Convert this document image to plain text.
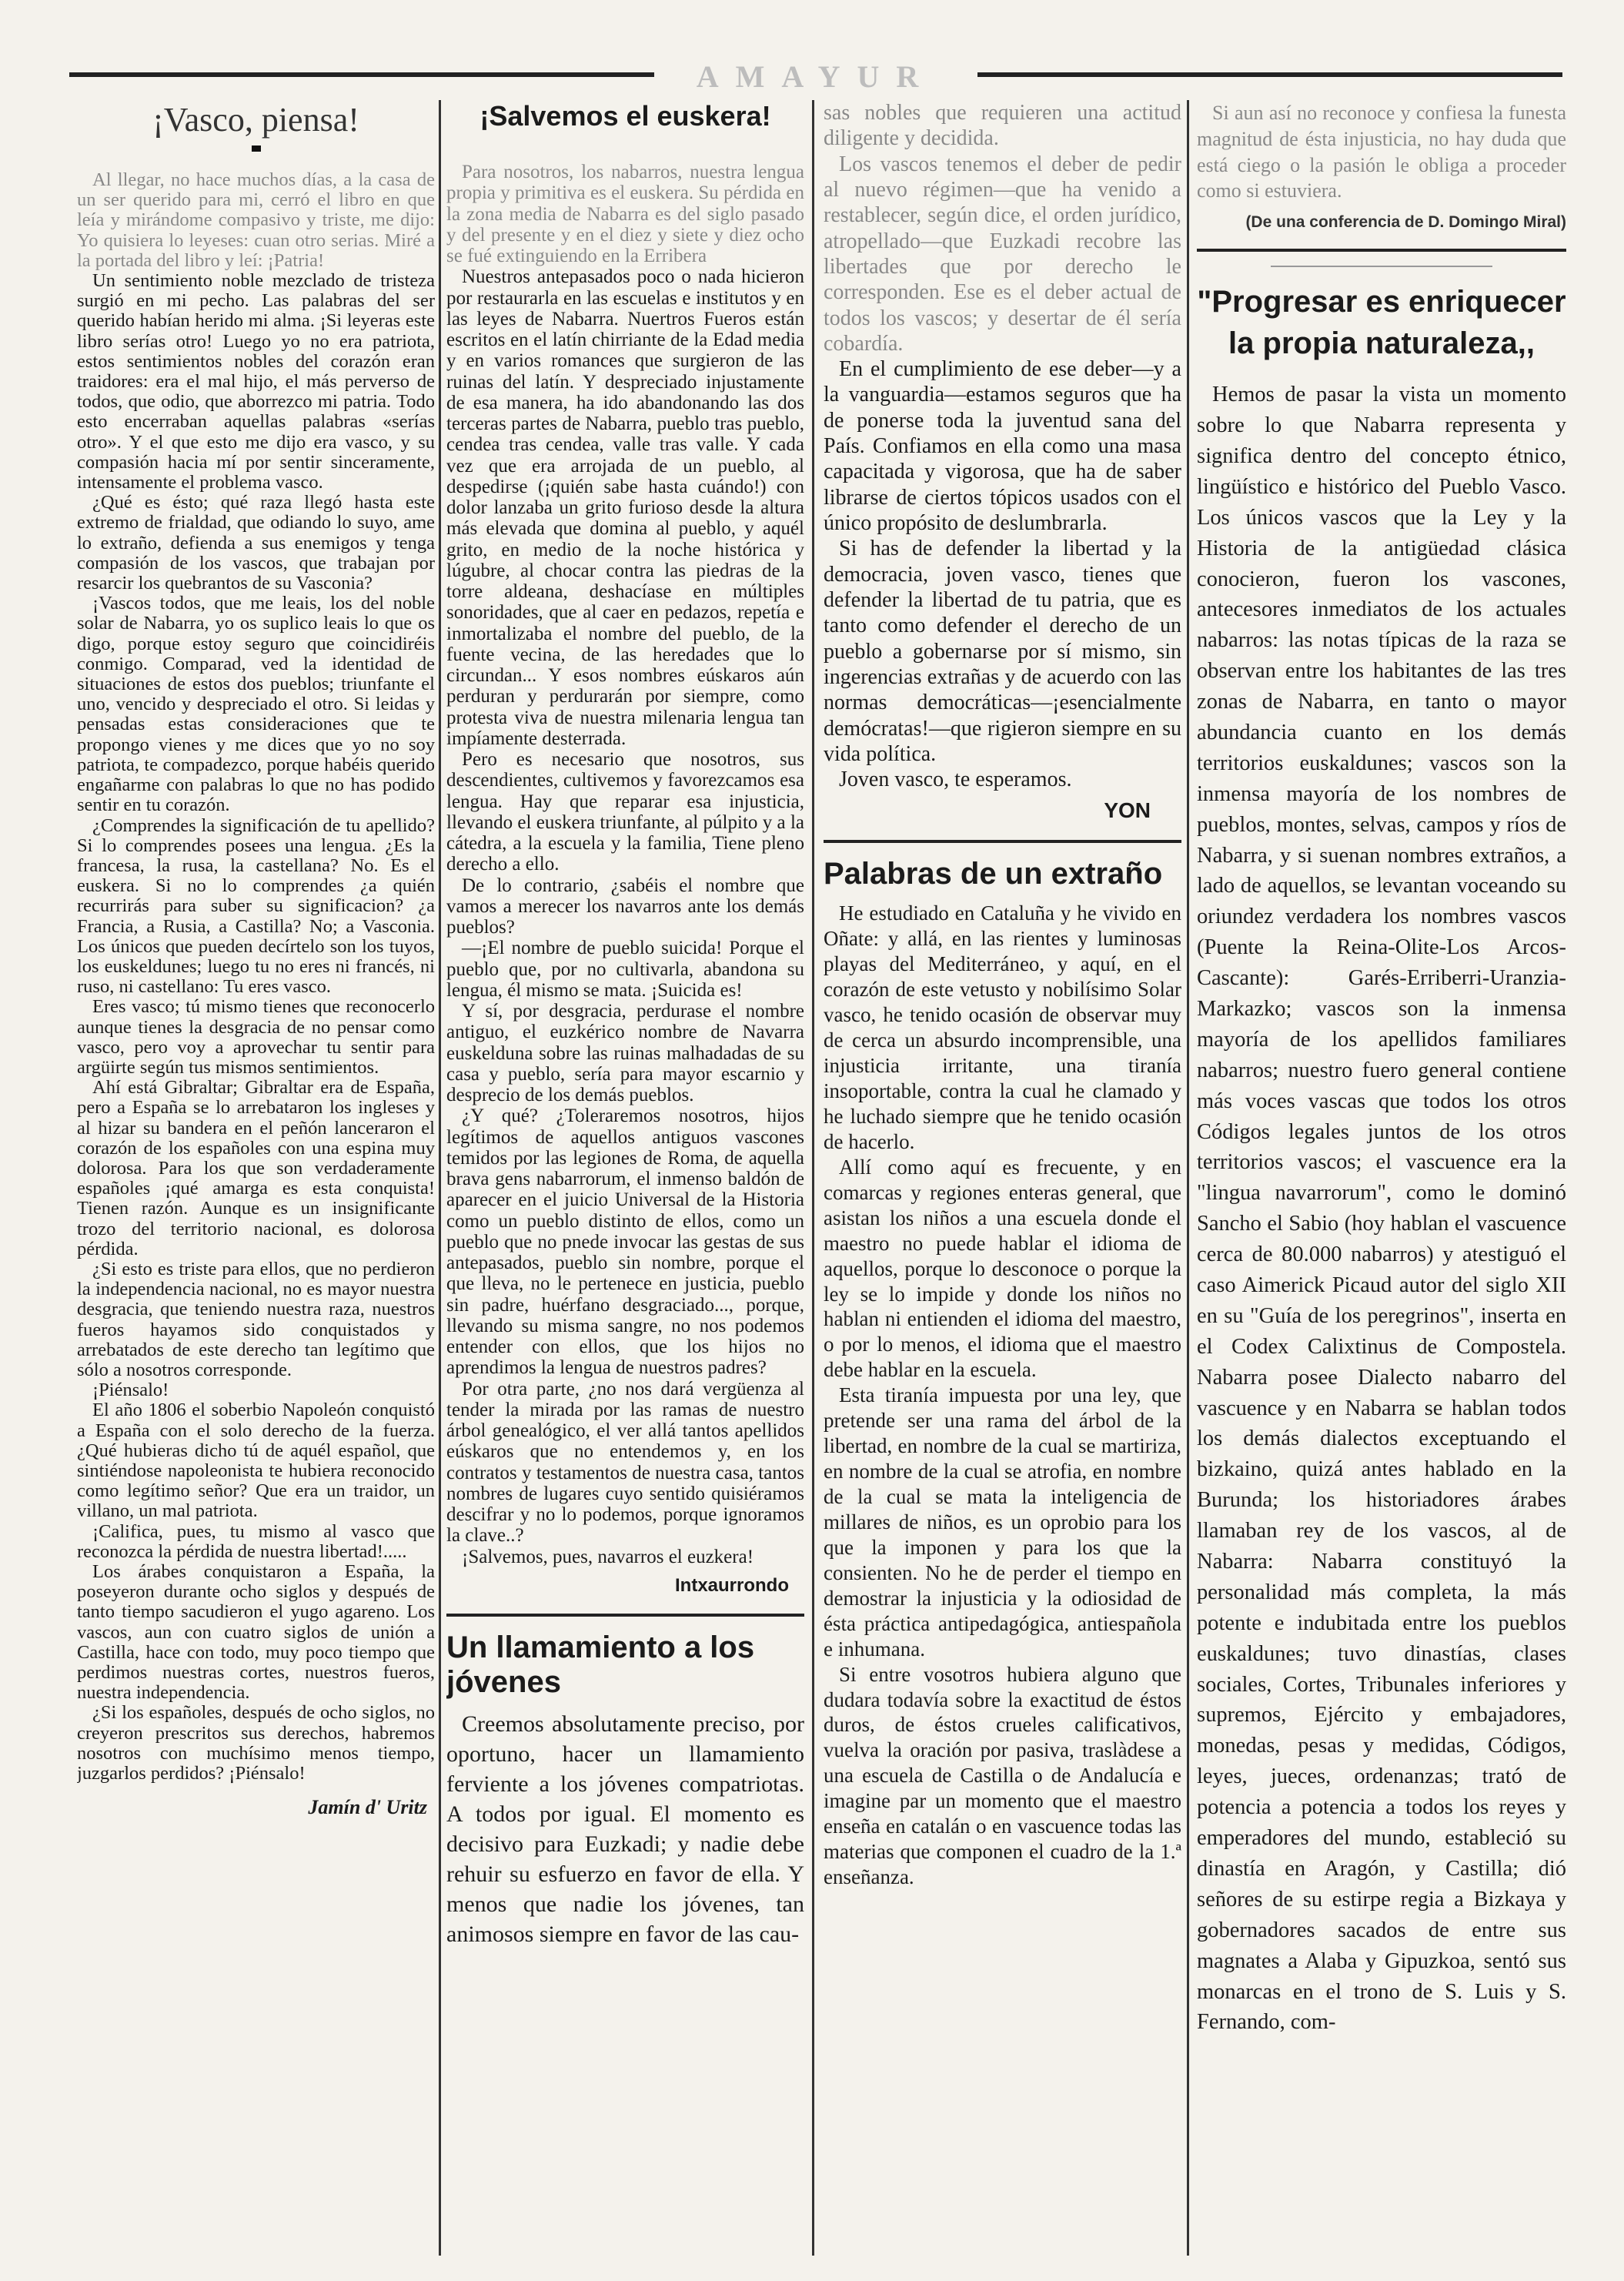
AMAYUR
¡Vasco, piensa!

Al llegar, no hace muchos días, a la casa de un ser querido para mi, cerró el libro en que leía y mirándome compasivo y triste, me dijo: Yo quisiera lo leyeses: cuan otro serias. Miré a la portada del libro y leí: ¡Patria!

Un sentimiento noble mezclado de tristeza surgió en mi pecho. Las palabras del ser querido habían herido mi alma. ¡Si leyeras este libro serías otro! Luego yo no era patriota, estos sentimientos nobles del corazón eran traidores: era el mal hijo, el más perverso de todos, que odio, que aborrezco mi patria. Todo esto encerraban aquellas palabras «serías otro». Y el que esto me dijo era vasco, y su compasión hacia mí por sentir sinceramente, intensamente el problema vasco.

¿Qué es ésto; qué raza llegó hasta este extremo de frialdad, que odiando lo suyo, ame lo extraño, defienda a sus enemigos y tenga compasión de los vascos, que trabajan por resarcir los quebrantos de su Vasconia?

¡Vascos todos, que me leais, los del noble solar de Nabarra, yo os suplico leais lo que os digo, porque estoy seguro que coincidiréis conmigo. Comparad, ved la identidad de situaciones de estos dos pueblos; triunfante el uno, vencido y despreciado el otro. Si leidas y pensadas estas consideraciones que te propongo vienes y me dices que yo no soy patriota, te compadezco, porque habéis querido engañarme con palabras lo que no has podido sentir en tu corazón.

¿Comprendes la significación de tu apellido? Si lo comprendes posees una lengua. ¿Es la francesa, la rusa, la castellana? No. Es el euskera. Si no lo comprendes ¿a quién recurrirás para suber su significacion? ¿a Francia, a Rusia, a Castilla? No; a Vasconia. Los únicos que pueden decírtelo son los tuyos, los euskeldunes; luego tu no eres ni francés, ni ruso, ni castellano: Tu eres vasco.

Eres vasco; tú mismo tienes que reconocerlo aunque tienes la desgracia de no pensar como vasco, pero voy a aprovechar tu sentir para argüirte según tus mismos sentimientos.

Ahí está Gibraltar; Gibraltar era de España, pero a España se lo arrebataron los ingleses y al hizar su bandera en el peñón lanceraron el corazón de los españoles con una espina muy dolorosa. Para los que son verdaderamente españoles ¡qué amarga es esta conquista! Tienen razón. Aunque es un insignificante trozo del territorio nacional, es dolorosa pérdida.

¿Si esto es triste para ellos, que no perdieron la independencia nacional, no es mayor nuestra desgracia, que teniendo nuestra raza, nuestros fueros hayamos sido conquistados y arrebatados de este derecho tan legítimo que sólo a nosotros corresponde.

¡Piénsalo!

El año 1806 el soberbio Napoleón conquistó a España con el solo derecho de la fuerza. ¿Qué hubieras dicho tú de aquél español, que sintiéndose napoleonista te hubiera reconocido como legítimo señor? Que era un traidor, un villano, un mal patriota.

¡Califica, pues, tu mismo al vasco que reconozca la pérdida de nuestra libertad!.....

Los árabes conquistaron a España, la poseyeron durante ocho siglos y después de tanto tiempo sacudieron el yugo agareno. Los vascos, aun con cuatro siglos de unión a Castilla, hace con todo, muy poco tiempo que perdimos nuestras cortes, nuestros fueros, nuestra independencia.

¿Si los españoles, después de ocho siglos, no creyeron prescritos sus derechos, habremos nosotros con muchísimo menos tiempo, juzgarlos perdidos? ¡Piénsalo!

Jamín d' Uritz
¡Salvemos el euskera!

Para nosotros, los nabarros, nuestra lengua propia y primitiva es el euskera. Su pérdida en la zona media de Nabarra es del siglo pasado y del presente y en el diez y siete y diez ocho se fué extinguiendo en la Erribera

Nuestros antepasados poco o nada hicieron por restaurarla en las escuelas e institutos y en las leyes de Nabarra. Nuertros Fueros están escritos en el latín chirriante de la Edad media y en varios romances que surgieron de las ruinas del latín. Y despreciado injustamente de esa manera, ha ido abandonando las dos terceras partes de Nabarra, pueblo tras pueblo, cendea tras cendea, valle tras valle. Y cada vez que era arrojada de un pueblo, al despedirse (¡quién sabe hasta cuándo!) con dolor lanzaba un grito furioso desde la altura más elevada que domina al pueblo, y aquél grito, en medio de la noche histórica y lúgubre, al chocar contra las piedras de la torre aldeana, deshacíase en múltiples sonoridades, que al caer en pedazos, repetía e inmortalizaba el nombre del pueblo, de la fuente vecina, de las heredades que lo circundan... Y esos nombres eúskaros aún perduran y perdurarán por siempre, como protesta viva de nuestra milenaria lengua tan impíamente desterrada.

Pero es necesario que nosotros, sus descendientes, cultivemos y favorezcamos esa lengua. Hay que reparar esa injusticia, llevando el euskera triunfante, al púlpito y a la cátedra, a la escuela y la familia, Tiene pleno derecho a ello.

De lo contrario, ¿sabéis el nombre que vamos a merecer los navarros ante los demás pueblos?

—¡El nombre de pueblo suicida! Porque el pueblo que, por no cultivarla, abandona su lengua, él mismo se mata. ¡Suicida es!

Y sí, por desgracia, perdurase el nombre antiguo, el euzkérico nombre de Navarra euskelduna sobre las ruinas malhadadas de su casa y pueblo, sería para mayor escarnio y desprecio de los demás pueblos.

¿Y qué? ¿Toleraremos nosotros, hijos legítimos de aquellos antiguos vascones temidos por las legiones de Roma, de aquella brava gens nabarrorum, el inmenso baldón de aparecer en el juicio Universal de la Historia como un pueblo distinto de ellos, como un pueblo que no pnede invocar las gestas de sus antepasados, pueblo sin nombre, porque el que lleva, no le pertenece en justicia, pueblo sin padre, huérfano desgraciado..., porque, llevando su misma sangre, no nos podemos entender con ellos, que los hijos no aprendimos la lengua de nuestros padres?

Por otra parte, ¿no nos dará vergüenza al tender la mirada por las ramas de nuestro árbol genealógico, el ver allá tantos apellidos eúskaros que no entendemos y, en los contratos y testamentos de nuestra casa, tantos nombres de lugares cuyo sentido quisiéramos descifrar y no lo podemos, porque ignoramos la clave..?

¡Salvemos, pues, navarros el euzkera!

Intxaurrondo
Un llamamiento a los jóvenes

Creemos absolutamente preciso, por oportuno, hacer un llamamiento ferviente a los jóvenes compatriotas. A todos por igual. El momento es decisivo para Euzkadi; y nadie debe rehuir su esfuerzo en favor de ella. Y menos que nadie los jóvenes, tan animosos siempre en favor de las cau-

sas nobles que requieren una actitud diligente y decidida.

Los vascos tenemos el deber de pedir al nuevo régimen—que ha venido a restablecer, según dice, el orden jurídico, atropellado—que Euzkadi recobre las libertades que por derecho le corresponden. Ese es el deber actual de todos los vascos; y desertar de él sería cobardía.

En el cumplimiento de ese deber—y a la vanguardia—estamos seguros que ha de ponerse toda la juventud sana del País. Confiamos en ella como una masa capacitada y vigorosa, que ha de saber librarse de ciertos tópicos usados con el único propósito de deslumbrarla.

Si has de defender la libertad y la democracia, joven vasco, tienes que defender la libertad de tu patria, que es tanto como defender el derecho de un pueblo a gobernarse por sí mismo, sin ingerencias extrañas y de acuerdo con las normas democráticas—¡esencialmente demócratas!—que rigieron siempre en su vida política.

Joven vasco, te esperamos.

YON
Palabras de un extraño

He estudiado en Cataluña y he vivido en Oñate: y allá, en las rientes y luminosas playas del Mediterráneo, y aquí, en el corazón de este vetusto y nobilísimo Solar vasco, he tenido ocasión de observar muy de cerca un absurdo incomprensible, una injusticia irritante, una tiranía insoportable, contra la cual he clamado y he luchado siempre que he tenido ocasión de hacerlo.

Allí como aquí es frecuente, y en comarcas y regiones enteras general, que asistan los niños a una escuela donde el maestro no puede hablar el idioma de aquellos, porque lo desconoce o porque la ley se lo impide y donde los niños no hablan ni entienden el idioma del maestro, o por lo menos, el idioma que el maestro debe hablar en la escuela.

Esta tiranía impuesta por una ley, que pretende ser una rama del árbol de la libertad, en nombre de la cual se martiriza, en nombre de la cual se atrofia, en nombre de la cual se mata la inteligencia de millares de niños, es un oprobio para los que la imponen y para los que la consienten. No he de perder el tiempo en demostrar la injusticia y la odiosidad de ésta práctica antipedagógica, antiespañola e inhumana.

Si entre vosotros hubiera alguno que dudara todavía sobre la exactitud de éstos duros, de éstos crueles calificativos, vuelva la oración por pasiva, traslàdese a una escuela de Castilla o de Andalucía e imagine par un momento que el maestro enseña en catalán o en vascuence todas las materias que componen el cuadro de la 1.ª enseñanza.

Si aun así no reconoce y confiesa la funesta magnitud de ésta injusticia, no hay duda que está ciego o la pasión le obliga a proceder como si estuviera.

(De una conferencia de D. Domingo Miral)
"Progresar es enriquecer la propia naturaleza,,

Hemos de pasar la vista un momento sobre lo que Nabarra representa y significa dentro del concepto étnico, lingüístico e histórico del Pueblo Vasco. Los únicos vascos que la Ley y la Historia de la antigüedad clásica conocieron, fueron los vascones, antecesores inmediatos de los actuales nabarros: las notas típicas de la raza se observan entre los habitantes de las tres zonas de Nabarra, en tanto o mayor abundancia cuanto en los demás territorios euskaldunes; vascos son la inmensa mayoría de los nombres de pueblos, montes, selvas, campos y ríos de Nabarra, y si suenan nombres extraños, a lado de aquellos, se levantan voceando su oriundez verdadera los nombres vascos (Puente la Reina-Olite-Los Arcos-Cascante): Garés-Erriberri-Uranzia-Markazko; vascos son la inmensa mayoría de los apellidos familiares nabarros; nuestro fuero general contiene más voces vascas que todos los otros Códigos legales juntos de los otros territorios vascos; el vascuence era la "lingua navarrorum", como le dominó Sancho el Sabio (hoy hablan el vascuence cerca de 80.000 nabarros) y atestiguó el caso Aimerick Picaud autor del siglo XII en su "Guía de los peregrinos", inserta en el Codex Calixtinus de Compostela. Nabarra posee Dialecto nabarro del vascuence y en Nabarra se hablan todos los demás dialectos exceptuando el bizkaino, quizá antes hablado en la Burunda; los historiadores árabes llamaban rey de los vascos, al de Nabarra: Nabarra constituyó la personalidad más completa, la más potente e indubitada entre los pueblos euskaldunes; tuvo dinastías, clases sociales, Cortes, Tribunales inferiores y supremos, Ejército y embajadores, monedas, pesas y medidas, Códigos, leyes, jueces, ordenanzas; trató de potencia a potencia a todos los reyes y emperadores del mundo, estableció su dinastía en Aragón, y Castilla; dió señores de su estirpe regia a Bizkaya y gobernadores sacados de entre sus magnates a Alaba y Gipuzkoa, sentó sus monarcas en el trono de S. Luis y S. Fernando, com-
